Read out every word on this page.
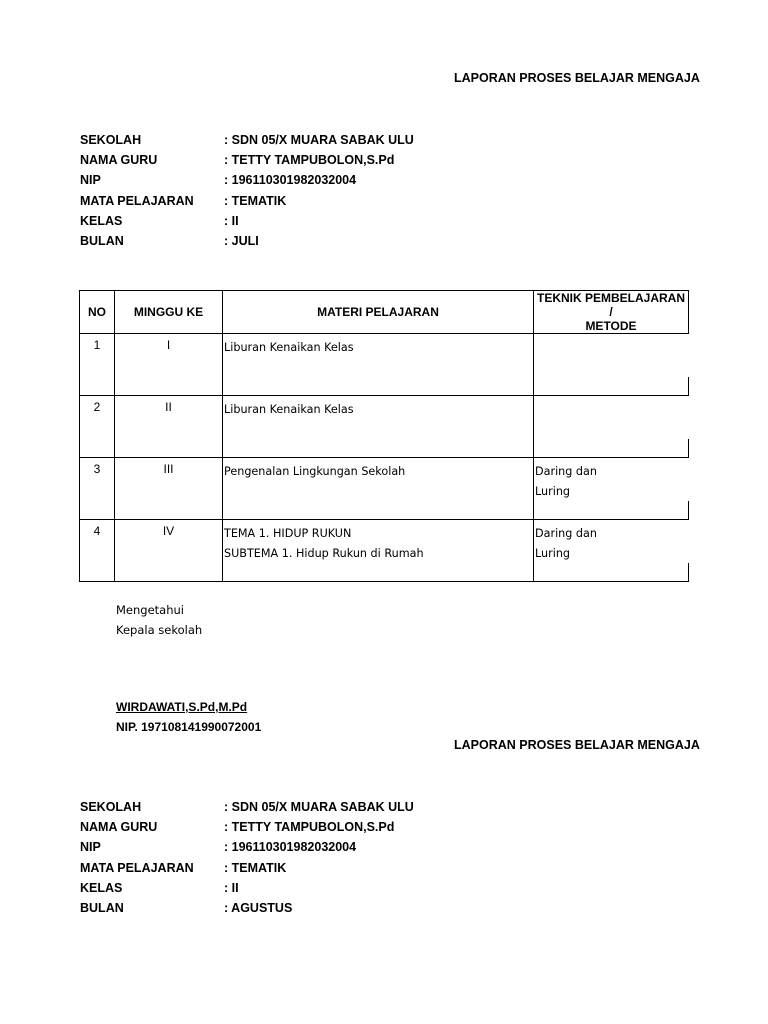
LAPORAN PROSES BELAJAR MENGAJA
SEKOLAH	: SDN 05/X MUARA SABAK ULU
NAMA GURU	: TETTY TAMPUBOLON,S.Pd
NIP	: 196110301982032004
MATA PELAJARAN : TEMATIK
KELAS	: II
BULAN	: JULI
NO	MINGGU KE	MATERI PELAJARAN	TEKNIK PEMBELAJARAN /
METODE
1	I	Liburan Kenaikan Kelas

2	II	Liburan Kenaikan Kelas

3	III	Pengenalan Lingkungan Sekolah	Daring dan
Luring

4	IV	TEMA 1. HIDUP RUKUN
SUBTEMA 1. Hidup Rukun di Rumah	Daring dan
Luring
Mengetahui
Kepala sekolah
WIRDAWATI,S.Pd,M.Pd
NIP. 197108141990072001
LAPORAN PROSES BELAJAR MENGAJA
SEKOLAH	: SDN 05/X MUARA SABAK ULU
NAMA GURU	: TETTY TAMPUBOLON,S.Pd
NIP	: 196110301982032004
MATA PELAJARAN : TEMATIK
KELAS	: II
BULAN	: AGUSTUS
